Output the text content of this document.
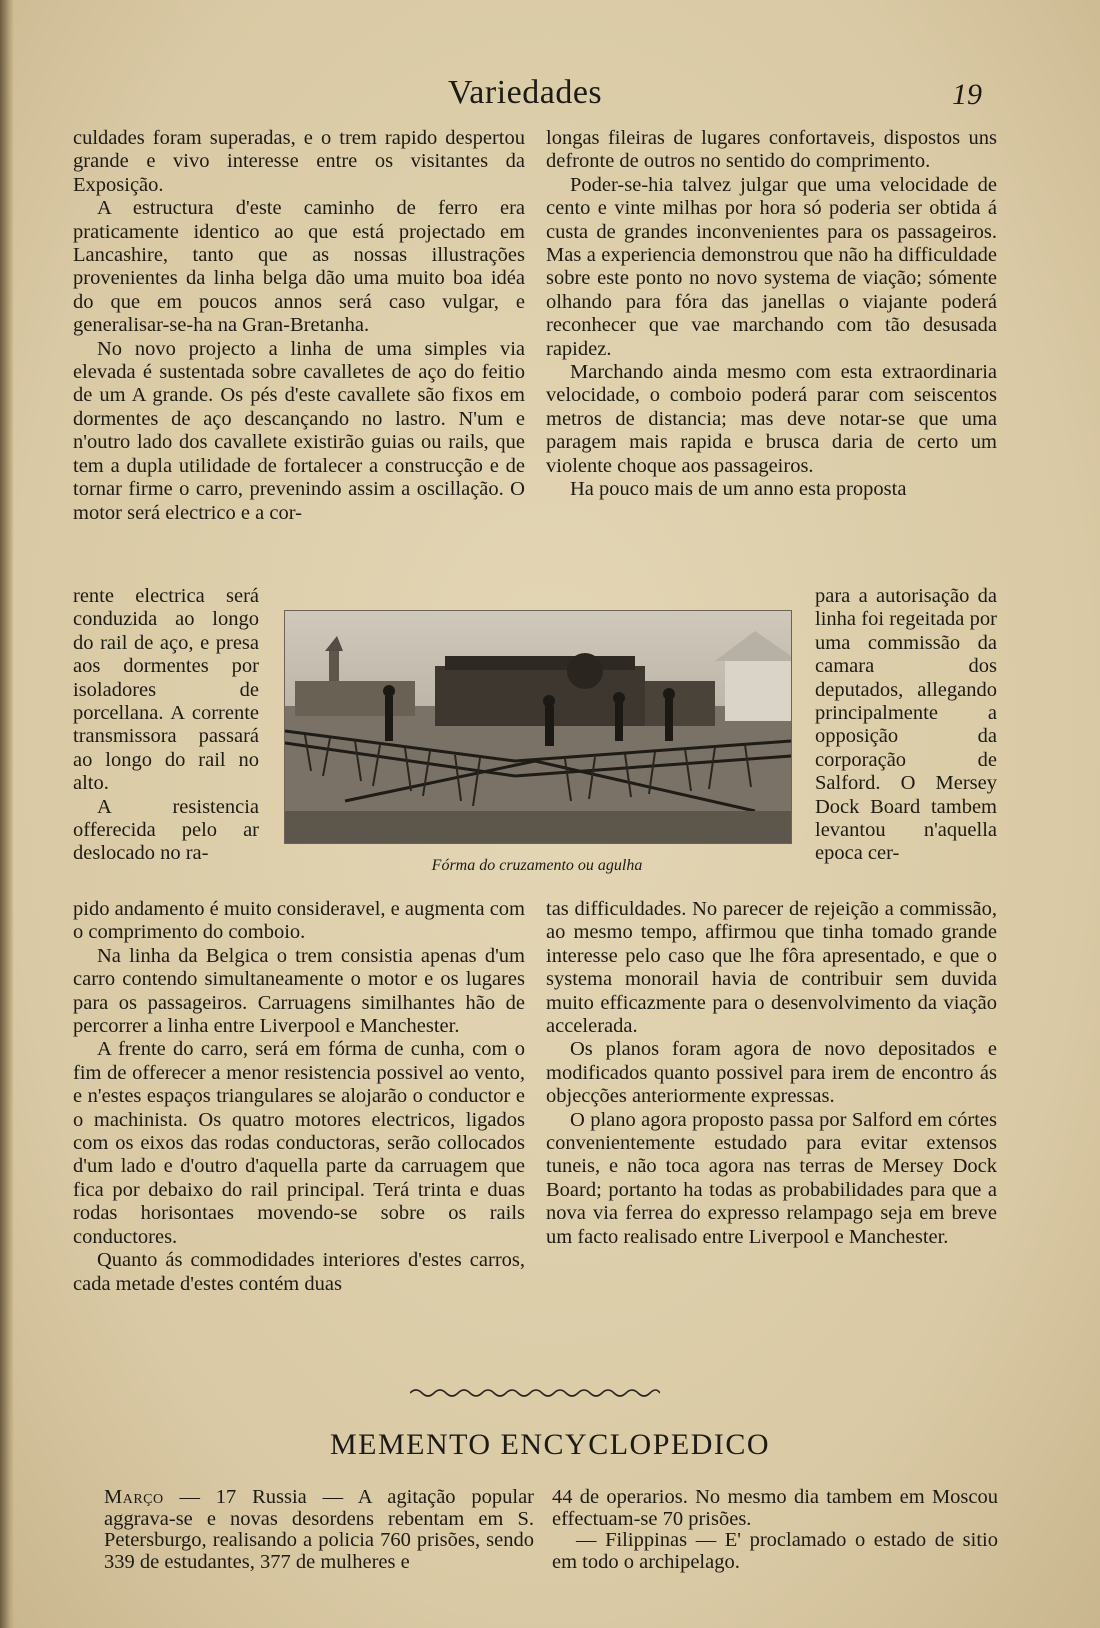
Variedades	19

culdades foram superadas, e o trem rapido despertou grande e vivo interesse entre os visitantes da Exposição.

A estructura d'este caminho de ferro era praticamente identico ao que está projectado em Lancashire, tanto que as nossas illustrações provenientes da linha belga dão uma muito boa idéa do que em poucos annos será caso vulgar, e generalisar-se-ha na Gran-Bretanha.

No novo projecto a linha de uma simples via elevada é sustentada sobre cavalletes de aço do feitio de um A grande. Os pés d'este cavallete são fixos em dormentes de aço descançando no lastro. N'um e n'outro lado dos cavallete existirão guias ou rails, que tem a dupla utilidade de fortalecer a construcção e de tornar firme o carro, prevenindo assim a oscillação. O motor será electrico e a cor-

rente electrica será conduzida ao longo do rail de aço, e presa aos dormentes por isoladores de porcellana. A corrente transmissora passará ao longo do rail no alto.

A resistencia offerecida pelo ar deslocado no ra-

Fórma do cruzamento ou agulha

longas fileiras de lugares confortaveis, dispostos uns defronte de outros no sentido do comprimento.

Poder-se-hia talvez julgar que uma velocidade de cento e vinte milhas por hora só poderia ser obtida á custa de grandes inconvenientes para os passageiros. Mas a experiencia demonstrou que não ha difficuldade sobre este ponto no novo systema de viação; sómente olhando para fóra das janellas o viajante poderá reconhecer que vae marchando com tão desusada rapidez.

Marchando ainda mesmo com esta extraordinaria velocidade, o comboio poderá parar com seiscentos metros de distancia; mas deve notar-se que uma paragem mais rapida e brusca daria de certo um violente choque aos passageiros.

Ha pouco mais de um anno esta proposta

para a autorisação da linha foi regeitada por uma commissão da camara dos deputados, allegando principalmente a opposição da corporação de Salford. O Mersey Dock Board tambem levantou n'aquella epoca cer-

pido andamento é muito consideravel, e augmenta com o comprimento do comboio.

Na linha da Belgica o trem consistia apenas d'um carro contendo simultaneamente o motor e os lugares para os passageiros. Carruagens similhantes hão de percorrer a linha entre Liverpool e Manchester.

A frente do carro, será em fórma de cunha, com o fim de offerecer a menor resistencia possivel ao vento, e n'estes espaços triangulares se alojarão o conductor e o machinista. Os quatro motores electricos, ligados com os eixos das rodas conductoras, serão collocados d'um lado e d'outro d'aquella parte da carruagem que fica por debaixo do rail principal. Terá trinta e duas rodas horisontaes movendo-se sobre os rails conductores.

Quanto ás commodidades interiores d'estes carros, cada metade d'estes contém duas

tas difficuldades. No parecer de rejeição a commissão, ao mesmo tempo, affirmou que tinha tomado grande interesse pelo caso que lhe fôra apresentado, e que o systema monorail havia de contribuir sem duvida muito efficazmente para o desenvolvimento da viação accelerada.

Os planos foram agora de novo depositados e modificados quanto possivel para irem de encontro ás objecções anteriormente expressas.

O plano agora proposto passa por Salford em córtes convenientemente estudado para evitar extensos tuneis, e não toca agora nas terras de Mersey Dock Board; portanto ha todas as probabilidades para que a nova via ferrea do expresso relampago seja em breve um facto realisado entre Liverpool e Manchester.

MEMENTO ENCYCLOPEDICO

Março — 17 Russia — A agitação popular aggrava-se e novas desordens rebentam em S. Petersburgo, realisando a policia 760 prisões, sendo 339 de estudantes, 377 de mulheres e

44 de operarios. No mesmo dia tambem em Moscou effectuam-se 70 prisões.

— Filippinas — E' proclamado o estado de sitio em todo o archipelago.
